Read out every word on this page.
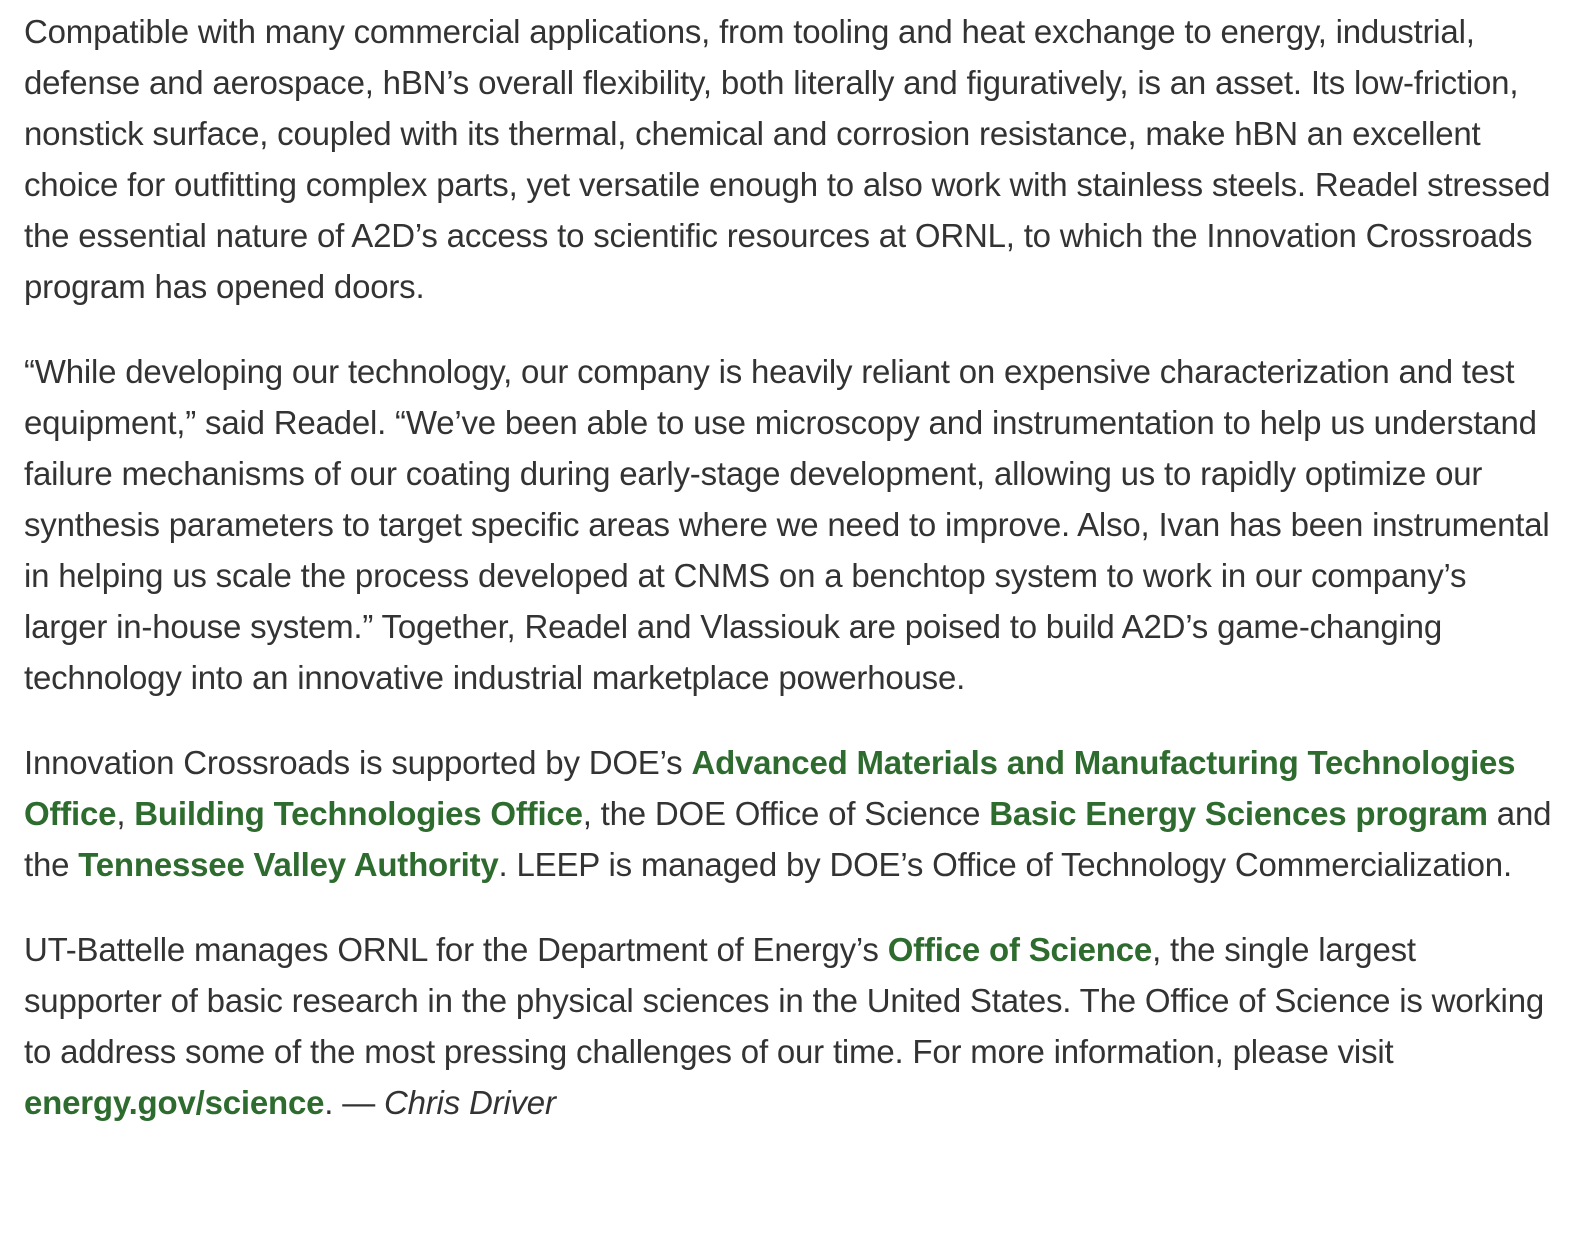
Compatible with many commercial applications, from tooling and heat exchange to energy, industrial, defense and aerospace, hBN’s overall flexibility, both literally and figuratively, is an asset. Its low-friction, nonstick surface, coupled with its thermal, chemical and corrosion resistance, make hBN an excellent choice for outfitting complex parts, yet versatile enough to also work with stainless steels. Readel stressed the essential nature of A2D’s access to scientific resources at ORNL, to which the Innovation Crossroads program has opened doors.

“While developing our technology, our company is heavily reliant on expensive characterization and test equipment,” said Readel. “We’ve been able to use microscopy and instrumentation to help us understand failure mechanisms of our coating during early-stage development, allowing us to rapidly optimize our synthesis parameters to target specific areas where we need to improve. Also, Ivan has been instrumental in helping us scale the process developed at CNMS on a benchtop system to work in our company’s larger in-house system.” Together, Readel and Vlassiouk are poised to build A2D’s game-changing technology into an innovative industrial marketplace powerhouse.

Innovation Crossroads is supported by DOE’s Advanced Materials and Manufacturing Technologies Office, Building Technologies Office, the DOE Office of Science Basic Energy Sciences program and the Tennessee Valley Authority. LEEP is managed by DOE’s Office of Technology Commercialization.

UT-Battelle manages ORNL for the Department of Energy’s Office of Science, the single largest supporter of basic research in the physical sciences in the United States. The Office of Science is working to address some of the most pressing challenges of our time. For more information, please visit energy.gov/science. — Chris Driver
